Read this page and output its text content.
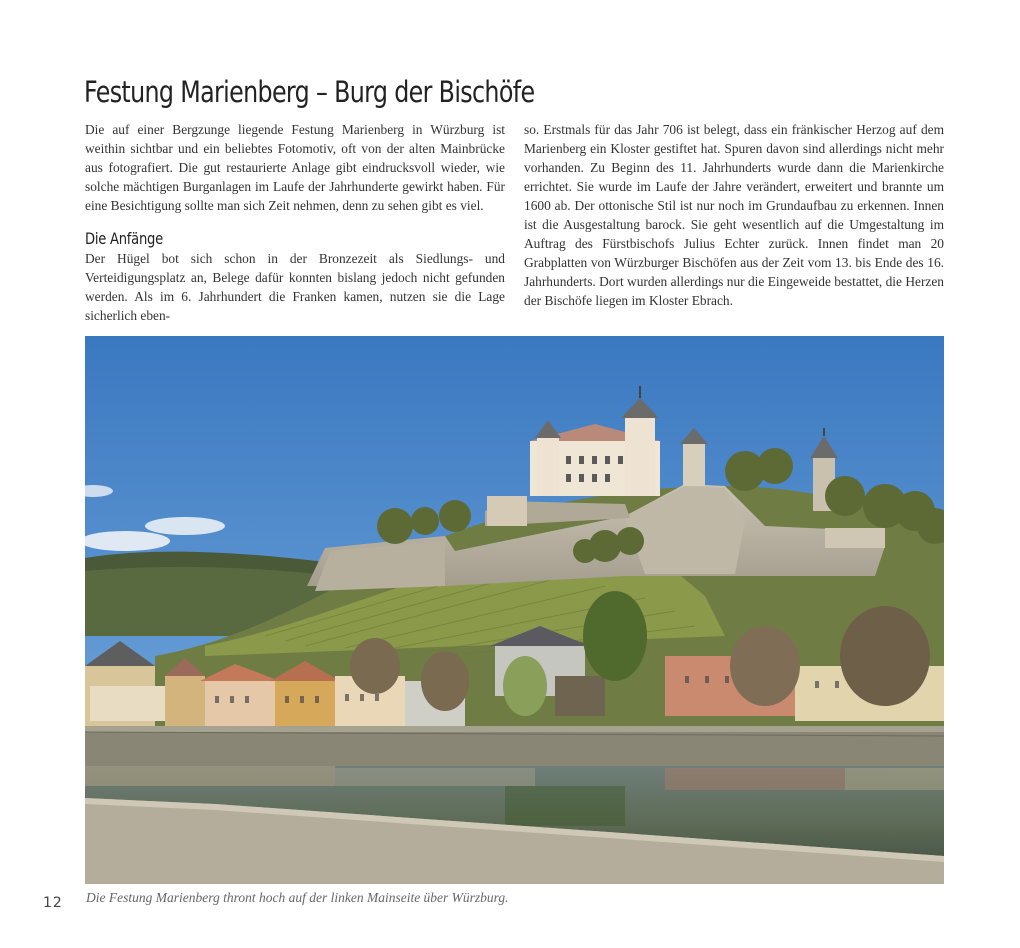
Festung Marienberg – Burg der Bischöfe

Die auf einer Bergzunge liegende Festung Marienberg in Würzburg ist weithin sichtbar und ein beliebtes Fotomotiv, oft von der alten Mainbrücke aus fotografiert. Die gut restaurierte Anlage gibt eindrucksvoll wieder, wie solche mächtigen Burganlagen im Laufe der Jahrhunderte gewirkt haben. Für eine Besichtigung sollte man sich Zeit nehmen, denn zu sehen gibt es viel.

Die Anfänge

Der Hügel bot sich schon in der Bronzezeit als Siedlungs- und Verteidigungsplatz an, Belege dafür konnten bislang jedoch nicht gefunden werden. Als im 6. Jahrhundert die Franken kamen, nutzen sie die Lage sicherlich eben-

so. Erstmals für das Jahr 706 ist belegt, dass ein fränkischer Herzog auf dem Marienberg ein Kloster gestiftet hat. Spuren davon sind allerdings nicht mehr vorhanden. Zu Beginn des 11. Jahrhunderts wurde dann die Marienkirche errichtet. Sie wurde im Laufe der Jahre verändert, erweitert und brannte um 1600 ab. Der ottonische Stil ist nur noch im Grundaufbau zu erkennen. Innen ist die Ausgestaltung barock. Sie geht wesentlich auf die Umgestaltung im Auftrag des Fürstbischofs Julius Echter zurück. Innen findet man 20 Grabplatten von Würzburger Bischöfen aus der Zeit vom 13. bis Ende des 16. Jahrhunderts. Dort wurden allerdings nur die Eingeweide bestattet, die Herzen der Bischöfe liegen im Kloster Ebrach.

Die Festung Marienberg thront hoch auf der linken Mainseite über Würzburg.
12
